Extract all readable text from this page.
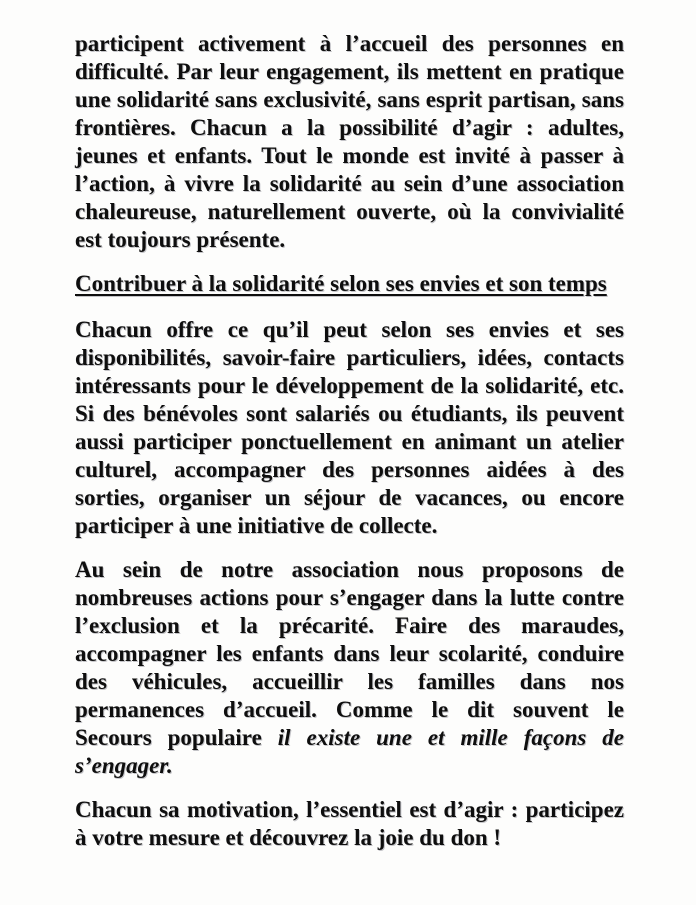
participent activement à l’accueil des personnes en difficulté. Par leur engagement, ils mettent en pratique une solidarité sans exclusivité, sans esprit partisan, sans frontières. Chacun a la possibilité d’agir : adultes, jeunes et enfants. Tout le monde est invité à passer à l’action, à vivre la solidarité au sein d’une association chaleureuse, naturellement ouverte, où la convivialité est toujours présente.

Contribuer à la solidarité selon ses envies et son temps

Chacun offre ce qu’il peut selon ses envies et ses disponibilités, savoir-faire particuliers, idées, contacts intéressants pour le développement de la solidarité, etc. Si des bénévoles sont salariés ou étudiants, ils peuvent aussi participer ponctuellement en animant un atelier culturel, accompagner des personnes aidées à des sorties, organiser un séjour de vacances, ou encore participer à une initiative de collecte.

Au sein de notre association nous proposons de nombreuses actions pour s’engager dans la lutte contre l’exclusion et la précarité. Faire des maraudes, accompagner les enfants dans leur scolarité, conduire des véhicules, accueillir les familles dans nos permanences d’accueil. Comme le dit souvent le Secours populaire il existe une et mille façons de s’engager.

Chacun sa motivation, l’essentiel est d’agir : participez à votre mesure et découvrez la joie du don !
